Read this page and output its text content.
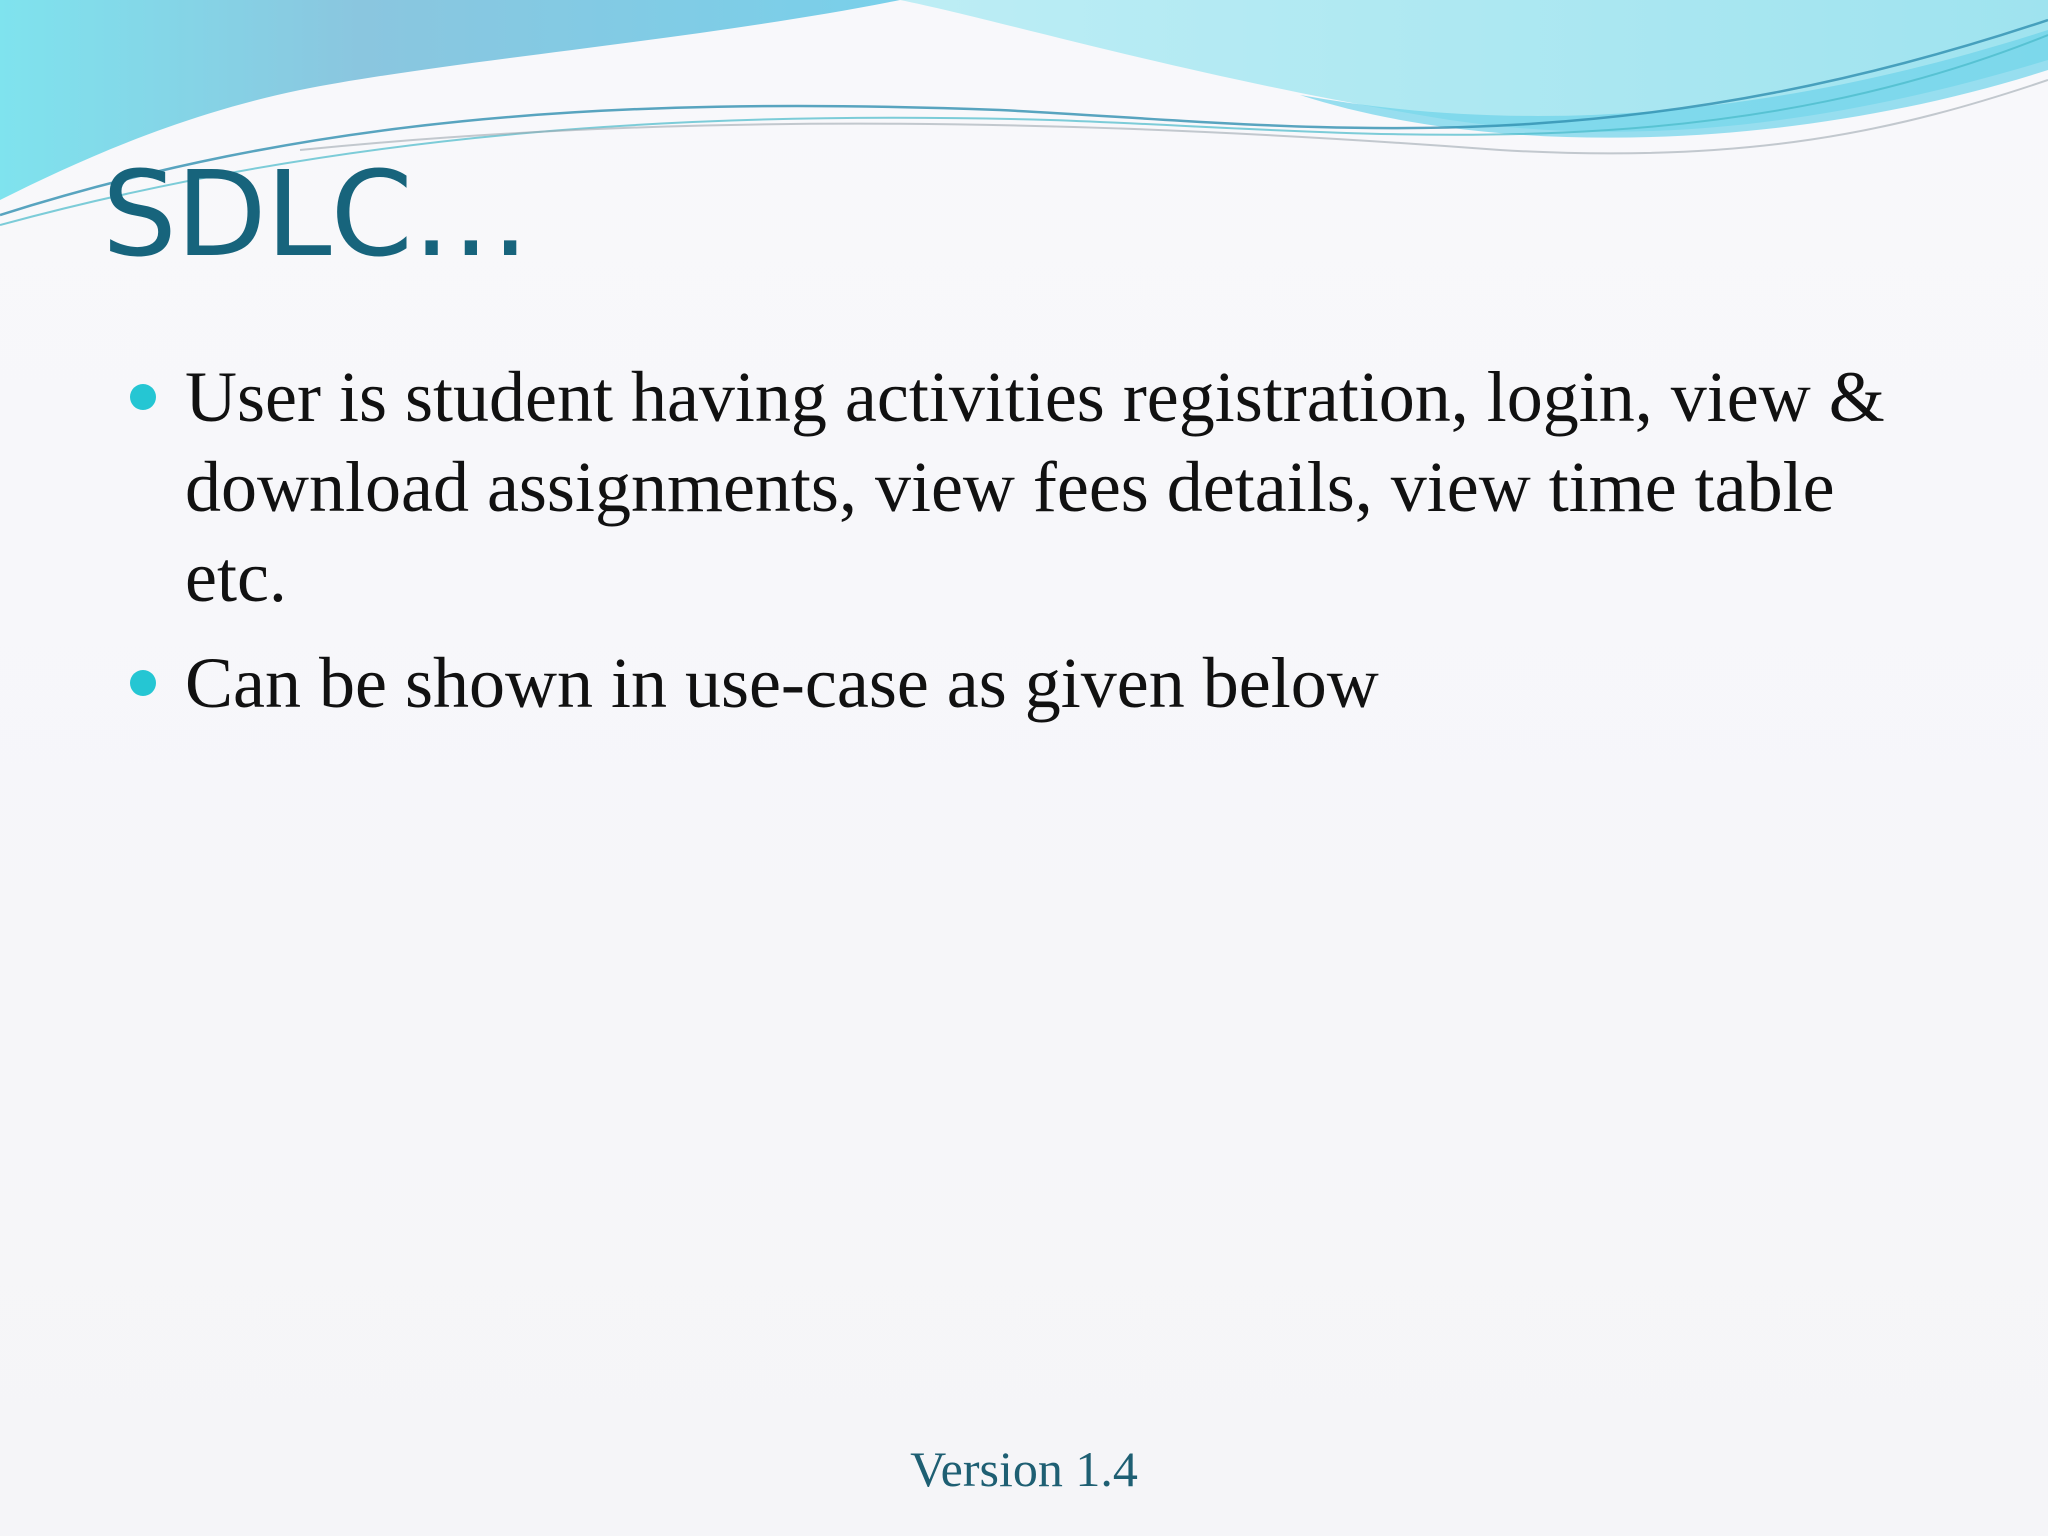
SDLC…
User is student having activities registration, login, view & download assignments, view fees details, view time table etc.
Can be shown in use-case as given below
Version 1.4
